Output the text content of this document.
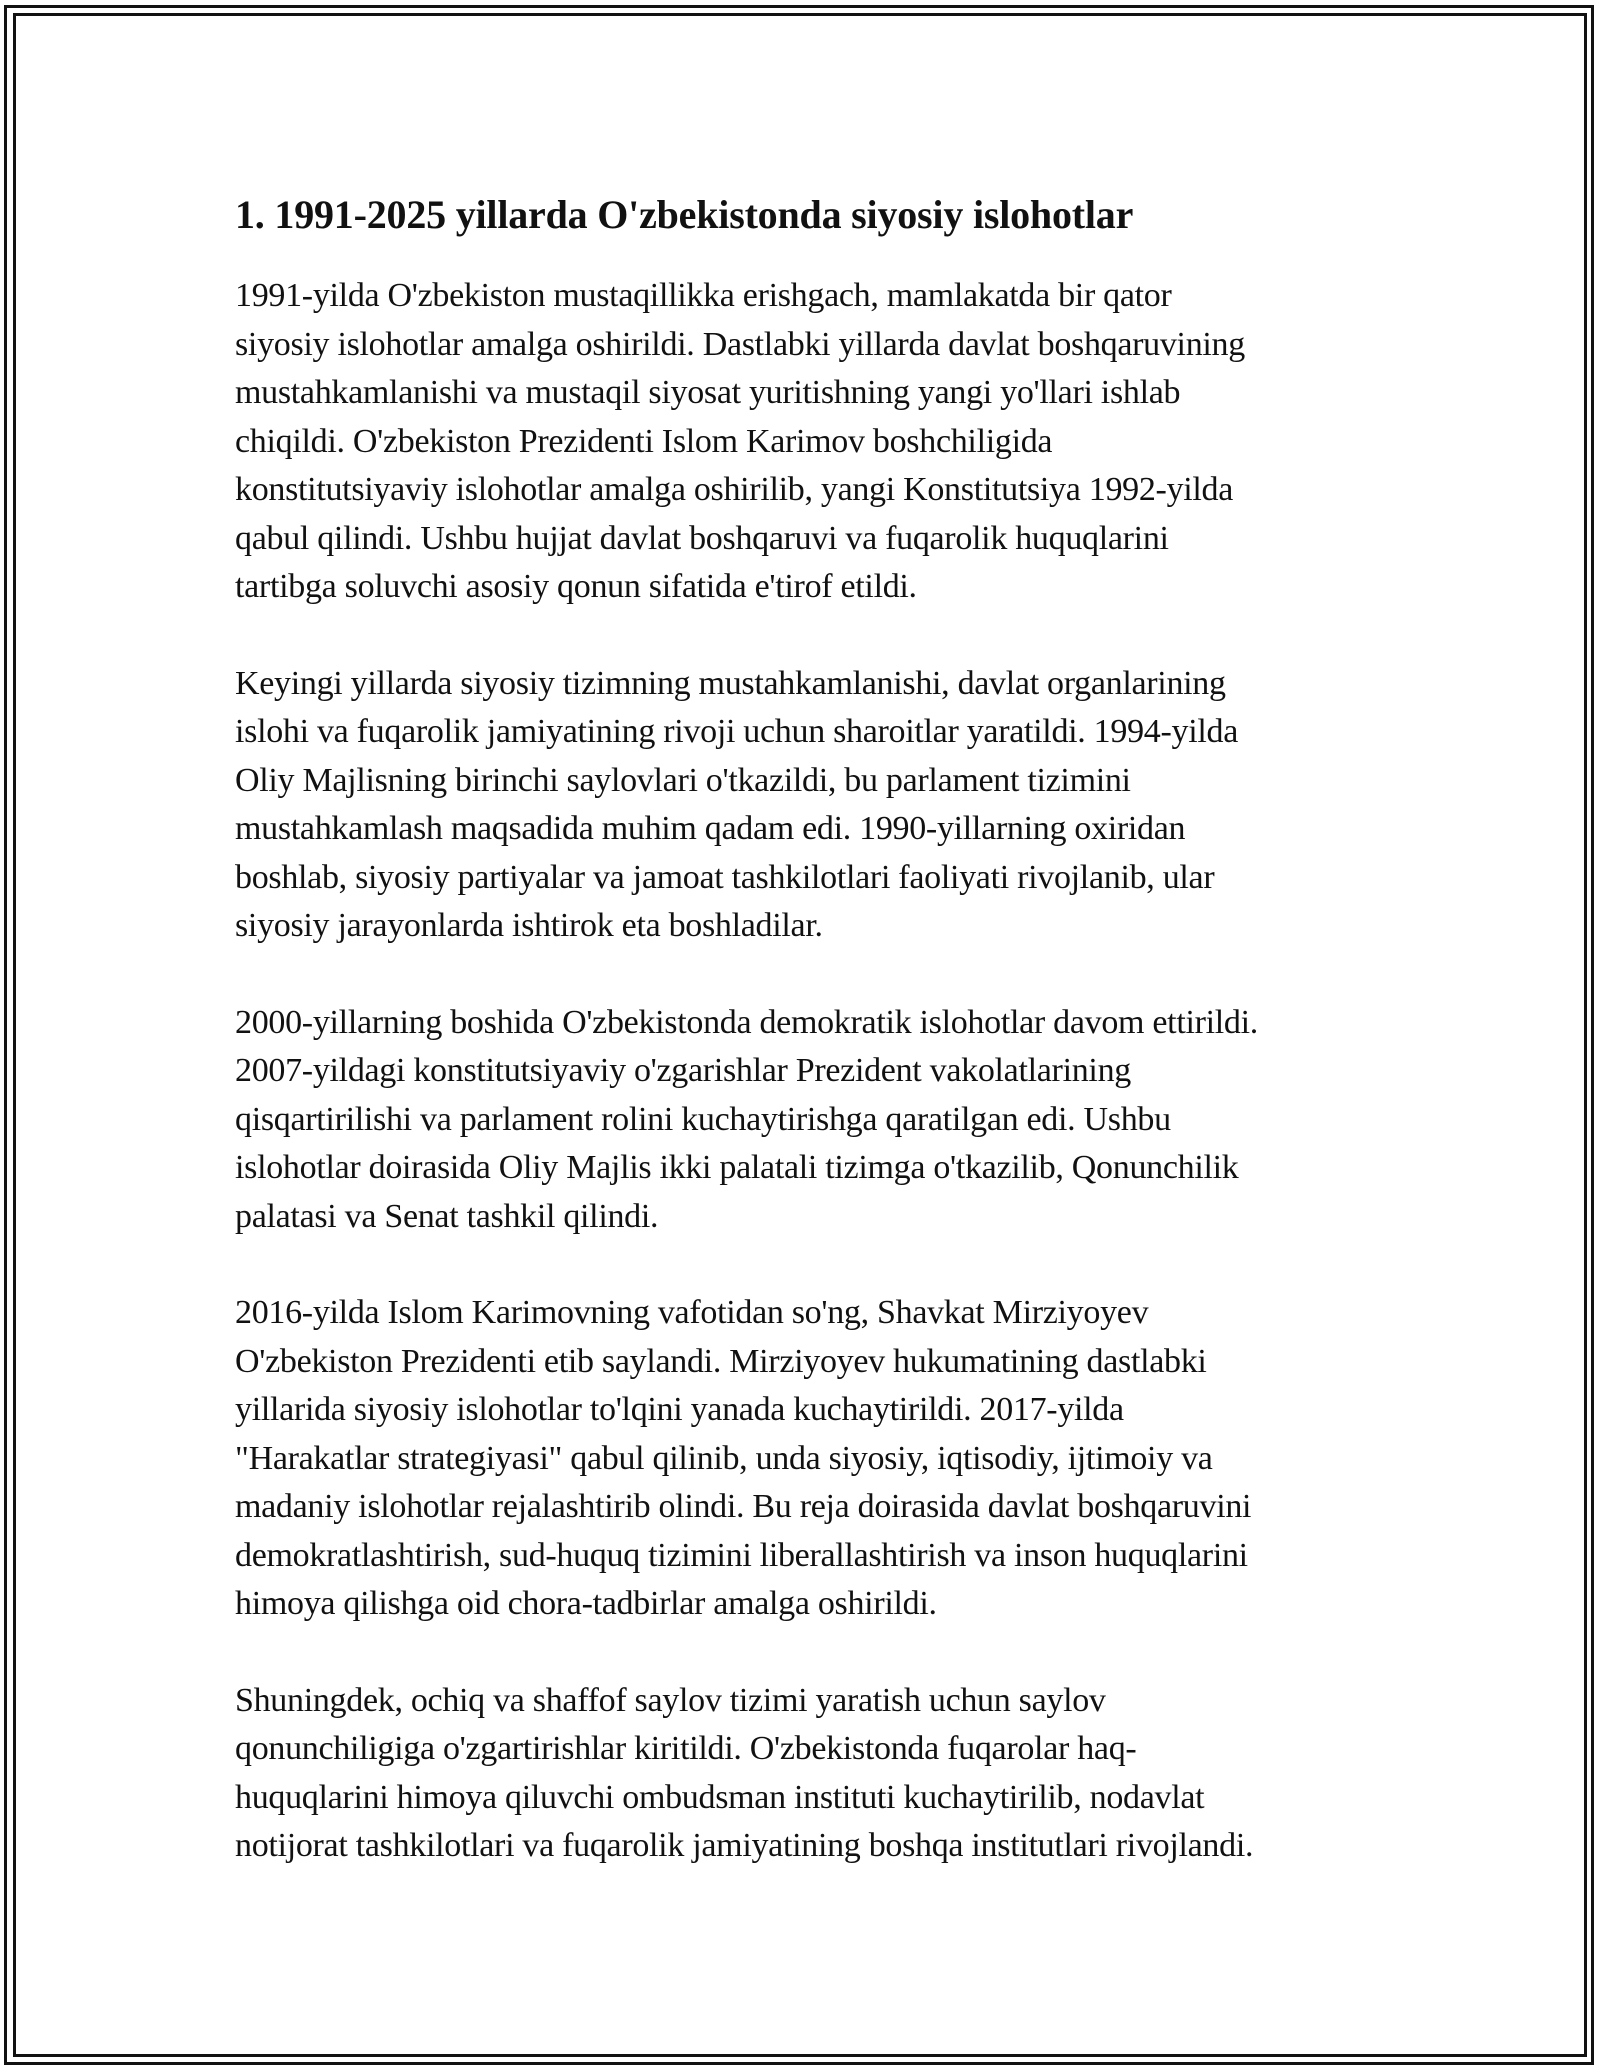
1. 1991-2025 yillarda O'zbekistonda siyosiy islohotlar

1991-yilda O'zbekiston mustaqillikka erishgach, mamlakatda bir qator
siyosiy islohotlar amalga oshirildi. Dastlabki yillarda davlat boshqaruvining
mustahkamlanishi va mustaqil siyosat yuritishning yangi yo'llari ishlab
chiqildi. O'zbekiston Prezidenti Islom Karimov boshchiligida
konstitutsiyaviy islohotlar amalga oshirilib, yangi Konstitutsiya 1992-yilda
qabul qilindi. Ushbu hujjat davlat boshqaruvi va fuqarolik huquqlarini
tartibga soluvchi asosiy qonun sifatida e'tirof etildi.

Keyingi yillarda siyosiy tizimning mustahkamlanishi, davlat organlarining
islohi va fuqarolik jamiyatining rivoji uchun sharoitlar yaratildi. 1994-yilda
Oliy Majlisning birinchi saylovlari o'tkazildi, bu parlament tizimini
mustahkamlash maqsadida muhim qadam edi. 1990-yillarning oxiridan
boshlab, siyosiy partiyalar va jamoat tashkilotlari faoliyati rivojlanib, ular
siyosiy jarayonlarda ishtirok eta boshladilar.

2000-yillarning boshida O'zbekistonda demokratik islohotlar davom ettirildi.
2007-yildagi konstitutsiyaviy o'zgarishlar Prezident vakolatlarining
qisqartirilishi va parlament rolini kuchaytirishga qaratilgan edi. Ushbu
islohotlar doirasida Oliy Majlis ikki palatali tizimga o'tkazilib, Qonunchilik
palatasi va Senat tashkil qilindi.

2016-yilda Islom Karimovning vafotidan so'ng, Shavkat Mirziyoyev
O'zbekiston Prezidenti etib saylandi. Mirziyoyev hukumatining dastlabki
yillarida siyosiy islohotlar to'lqini yanada kuchaytirildi. 2017-yilda
"Harakatlar strategiyasi" qabul qilinib, unda siyosiy, iqtisodiy, ijtimoiy va
madaniy islohotlar rejalashtirib olindi. Bu reja doirasida davlat boshqaruvini
demokratlashtirish, sud-huquq tizimini liberallashtirish va inson huquqlarini
himoya qilishga oid chora-tadbirlar amalga oshirildi.

Shuningdek, ochiq va shaffof saylov tizimi yaratish uchun saylov
qonunchiligiga o'zgartirishlar kiritildi. O'zbekistonda fuqarolar haq-
huquqlarini himoya qiluvchi ombudsman instituti kuchaytirilib, nodavlat
notijorat tashkilotlari va fuqarolik jamiyatining boshqa institutlari rivojlandi.
